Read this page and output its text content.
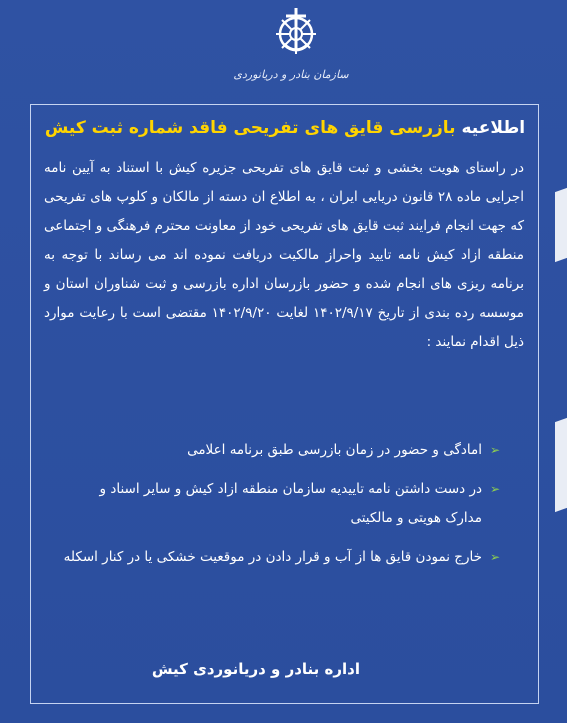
سازمان بنادر و دریانوردی
اطلاعیه بازرسی قایق های تفریحی فاقد شماره ثبت کیش
در راستای هویت بخشی و ثبت قایق های تفریحی جزیره کیش با استناد به آیین نامه اجرایی ماده ۲۸ قانون دریایی ایران ، به اطلاع ان دسته از مالکان و کلوپ های تفریحی که جهت انجام فرایند ثبت قایق های تفریحی خود از معاونت محترم فرهنگی و اجتماعی منطقه ازاد کیش نامه تایید واحراز مالکیت دریافت نموده اند می رساند با توجه به برنامه ریزی های انجام شده و حضور بازرسان اداره بازرسی و ثبت شناوران استان و موسسه رده بندی از تاریخ ۱۴۰۲/۹/۱۷ لغایت ۱۴۰۲/۹/۲۰ مقتضی است با رعایت موارد ذیل اقدام نمایند :
➢
امادگی و حضور در زمان بازرسی طبق برنامه اعلامی
➢
در دست داشتن نامه تاییدیه سازمان منطقه ازاد کیش و سایر اسناد و مدارک هویتی و مالکیتی
➢
خارج نمودن قایق ها از آب و قرار دادن در موقعیت خشکی یا در کنار اسکله
اداره بنادر و دریانوردی کیش
